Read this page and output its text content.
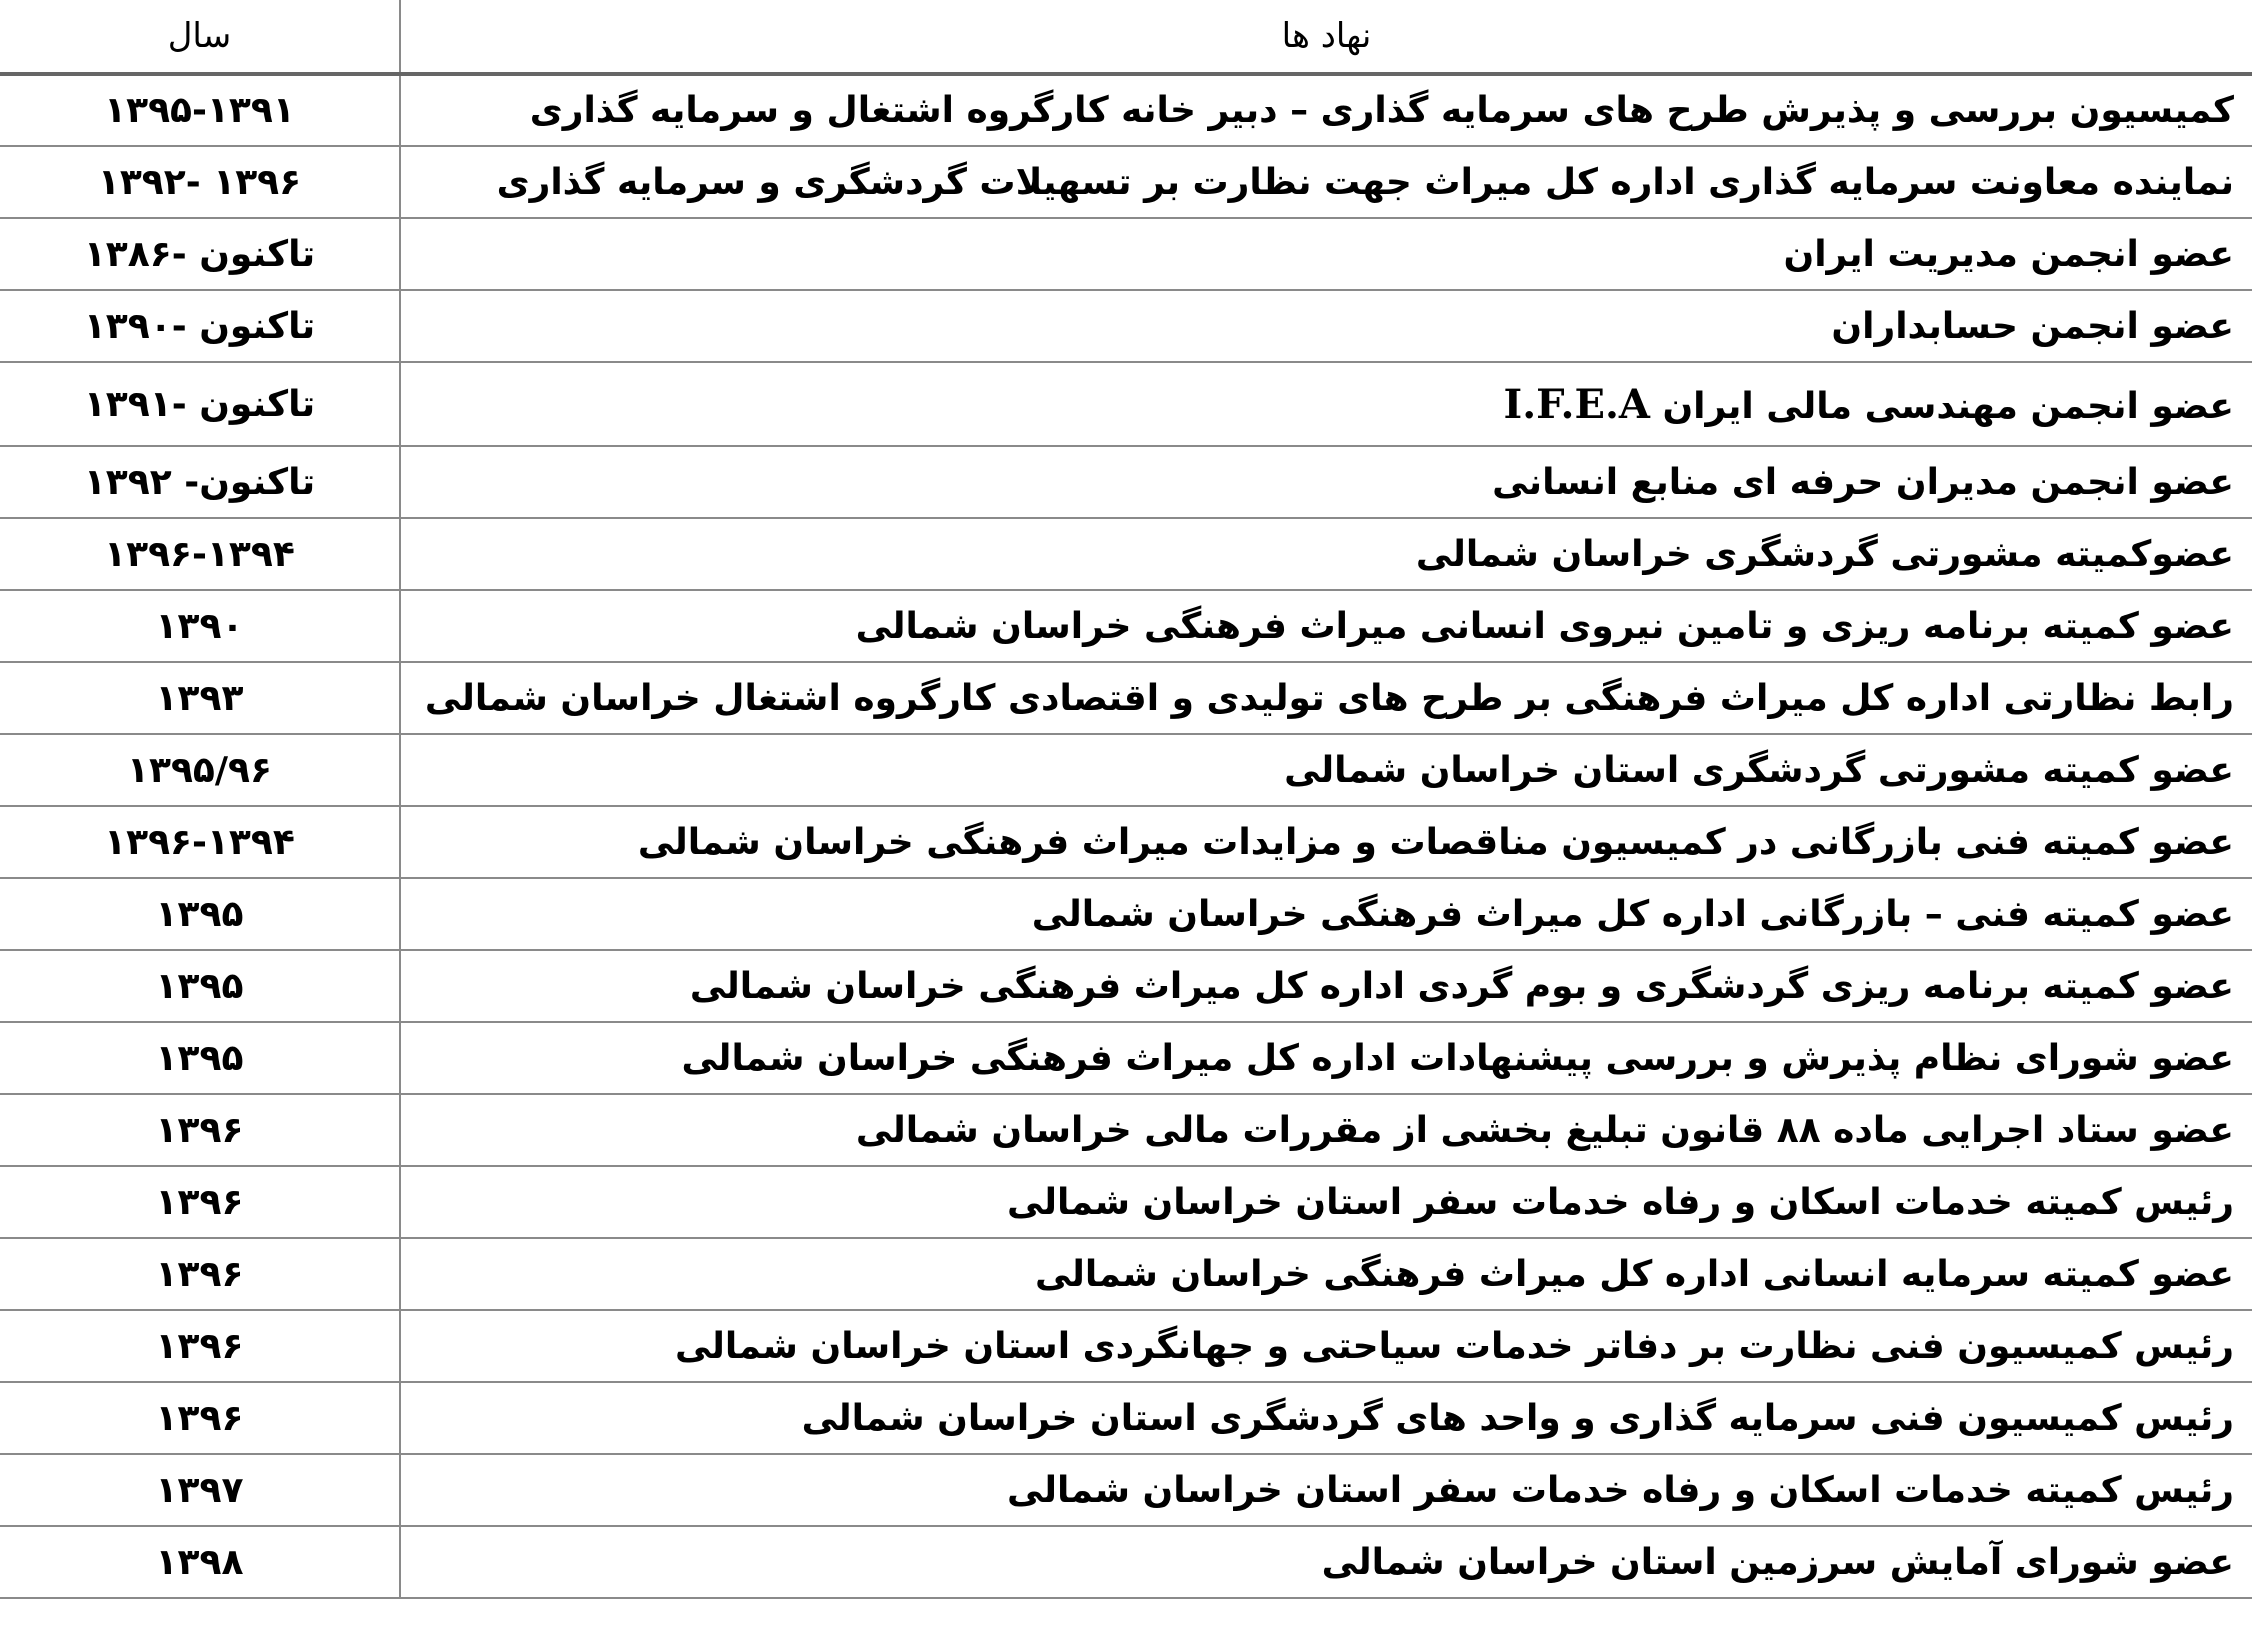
نهاد ها	سال
کمیسیون بررسی و پذیرش طرح های سرمایه گذاری – دبیر خانه کارگروه اشتغال و سرمایه گذاری	۱۳۹۵-۱۳۹۱
نماینده معاونت سرمایه گذاری اداره کل میراث جهت نظارت بر تسهیلات گردشگری و سرمایه گذاری	۱۳۹۶ -۱۳۹۲
عضو انجمن مدیریت ایران	تاکنون -۱۳۸۶
عضو انجمن حسابداران	تاکنون -۱۳۹۰
عضو انجمن مهندسی مالی ایران I.F.E.A	تاکنون -۱۳۹۱
عضو انجمن مدیران حرفه ای منابع انسانی	تاکنون- ۱۳۹۲
عضوکمیته مشورتی گردشگری خراسان شمالی	۱۳۹۶-۱۳۹۴
عضو کمیته برنامه ریزی و تامین نیروی انسانی میراث فرهنگی خراسان شمالی	۱۳۹۰
رابط نظارتی اداره کل میراث فرهنگی بر طرح های تولیدی و اقتصادی کارگروه اشتغال خراسان شمالی	۱۳۹۳
عضو کمیته مشورتی گردشگری استان خراسان شمالی	۱۳۹۵/۹۶
عضو کمیته فنی بازرگانی در کمیسیون مناقصات و مزایدات میراث فرهنگی خراسان شمالی	۱۳۹۶-۱۳۹۴
عضو کمیته فنی – بازرگانی اداره کل میراث فرهنگی خراسان شمالی	۱۳۹۵
عضو کمیته برنامه ریزی گردشگری و بوم گردی اداره کل میراث فرهنگی خراسان شمالی	۱۳۹۵
عضو شورای نظام پذیرش و بررسی پیشنهادات اداره کل میراث فرهنگی خراسان شمالی	۱۳۹۵
عضو ستاد اجرایی ماده ۸۸ قانون تبلیغ بخشی از مقررات مالی خراسان شمالی	۱۳۹۶
رئیس کمیته خدمات اسکان و رفاه خدمات سفر استان خراسان شمالی	۱۳۹۶
عضو کمیته سرمایه انسانی اداره کل میراث فرهنگی خراسان شمالی	۱۳۹۶
رئیس کمیسیون فنی نظارت بر دفاتر خدمات سیاحتی و جهانگردی استان خراسان شمالی	۱۳۹۶
رئیس کمیسیون فنی سرمایه گذاری و واحد های گردشگری استان خراسان شمالی	۱۳۹۶
رئیس کمیته خدمات اسکان و رفاه خدمات سفر استان خراسان شمالی	۱۳۹۷
عضو شورای آمایش سرزمین استان خراسان شمالی	۱۳۹۸
